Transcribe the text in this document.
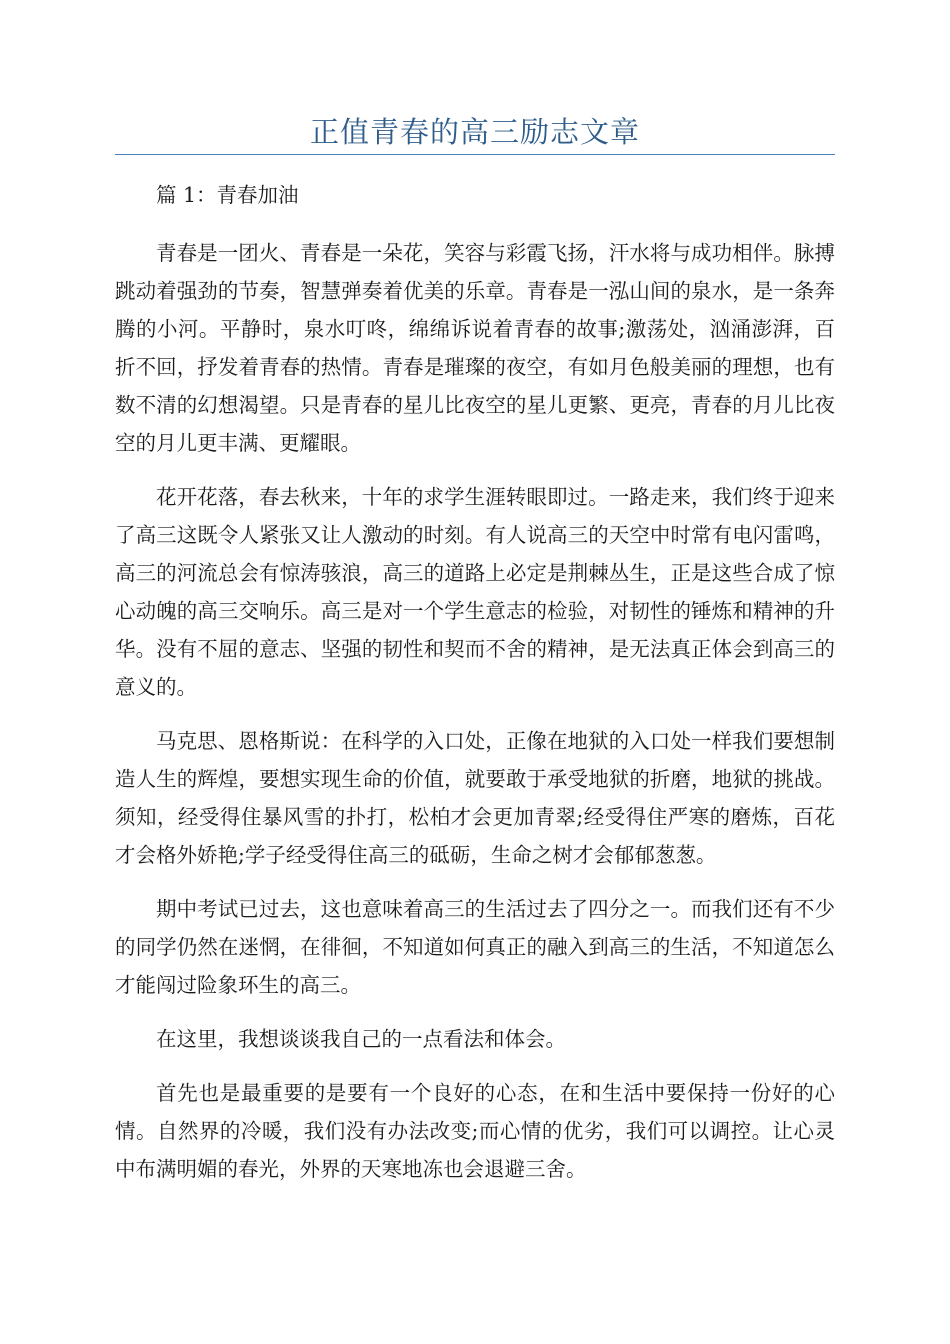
正值青春的高三励志文章

篇 1：青春加油

青春是一团火、青春是一朵花，笑容与彩霞飞扬，汗水将与成功相伴。脉搏跳动着强劲的节奏，智慧弹奏着优美的乐章。青春是一泓山间的泉水，是一条奔腾的小河。平静时，泉水叮咚，绵绵诉说着青春的故事;激荡处，汹涌澎湃，百折不回，抒发着青春的热情。青春是璀璨的夜空，有如月色般美丽的理想，也有数不清的幻想渴望。只是青春的星儿比夜空的星儿更繁、更亮，青春的月儿比夜空的月儿更丰满、更耀眼。

花开花落，春去秋来，十年的求学生涯转眼即过。一路走来，我们终于迎来了高三这既令人紧张又让人激动的时刻。有人说高三的天空中时常有电闪雷鸣，高三的河流总会有惊涛骇浪，高三的道路上必定是荆棘丛生，正是这些合成了惊心动魄的高三交响乐。高三是对一个学生意志的检验，对韧性的锤炼和精神的升华。没有不屈的意志、坚强的韧性和契而不舍的精神，是无法真正体会到高三的意义的。

马克思、恩格斯说：在科学的入口处，正像在地狱的入口处一样我们要想制造人生的辉煌，要想实现生命的价值，就要敢于承受地狱的折磨，地狱的挑战。须知，经受得住暴风雪的扑打，松柏才会更加青翠;经受得住严寒的磨炼，百花才会格外娇艳;学子经受得住高三的砥砺，生命之树才会郁郁葱葱。

期中考试已过去，这也意味着高三的生活过去了四分之一。而我们还有不少的同学仍然在迷惘，在徘徊，不知道如何真正的融入到高三的生活，不知道怎么才能闯过险象环生的高三。

在这里，我想谈谈我自己的一点看法和体会。

首先也是最重要的是要有一个良好的心态，在和生活中要保持一份好的心情。自然界的冷暖，我们没有办法改变;而心情的优劣，我们可以调控。让心灵中布满明媚的春光，外界的天寒地冻也会退避三舍。
